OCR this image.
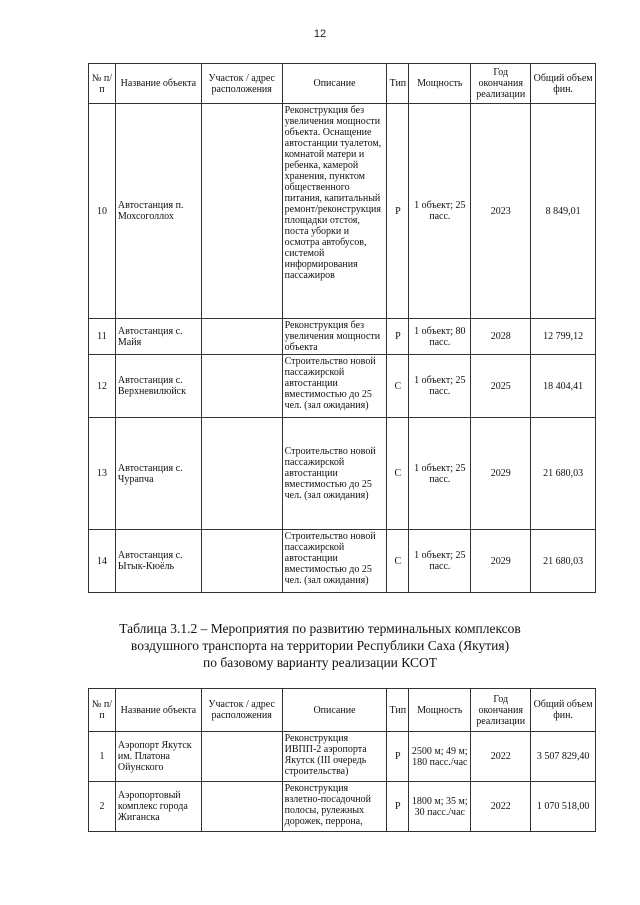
12
№ п/п	Название объекта	Участок / адрес расположения	Описание	Тип	Мощность	Год окончания реализации	Общий объем фин.
10	Автостанция п. Мохсоголлох		Реконструкция без увеличения мощности объекта. Оснащение автостанции туалетом, комнатой матери и ребенка, камерой хранения, пунктом общественного питания, капитальный ремонт/реконструкция площадки отстоя, поста уборки и осмотра автобусов, системой информирования пассажиров	Р	1 объект; 25 пасс.	2023	8 849,01
11	Автостанция с. Майя		Реконструкция без увеличения мощности объекта	Р	1 объект; 80 пасс.	2028	12 799,12
12	Автостанция с. Верхневилюйск		Строительство новой пассажирской автостанции вместимостью до 25 чел. (зал ожидания)	С	1 объект; 25 пасс.	2025	18 404,41
13	Автостанция с. Чурапча		Строительство новой пассажирской автостанции вместимостью до 25 чел. (зал ожидания)	С	1 объект; 25 пасс.	2029	21 680,03
14	Автостанция с. Ытык-Кюёль		Строительство новой пассажирской автостанции вместимостью до 25 чел. (зал ожидания)	С	1 объект; 25 пасс.	2029	21 680,03
Таблица 3.1.2 – Мероприятия по развитию терминальных комплексов
воздушного транспорта на территории Республики Саха (Якутия)
по базовому варианту реализации КСОТ
№ п/п	Название объекта	Участок / адрес расположения	Описание	Тип	Мощность	Год окончания реализации	Общий объем фин.
1	Аэропорт Якутск им. Платона Ойунского		Реконструкция ИВПП-2 аэропорта Якутск (III очередь строительства)	Р	2500 м; 49 м; 180 пасс./час	2022	3 507 829,40
2	Аэропортовый комплекс города Жиганска		Реконструкция взлетно-посадочной полосы, рулежных дорожек, перрона,	Р	1800 м; 35 м; 30 пасс./час	2022	1 070 518,00
